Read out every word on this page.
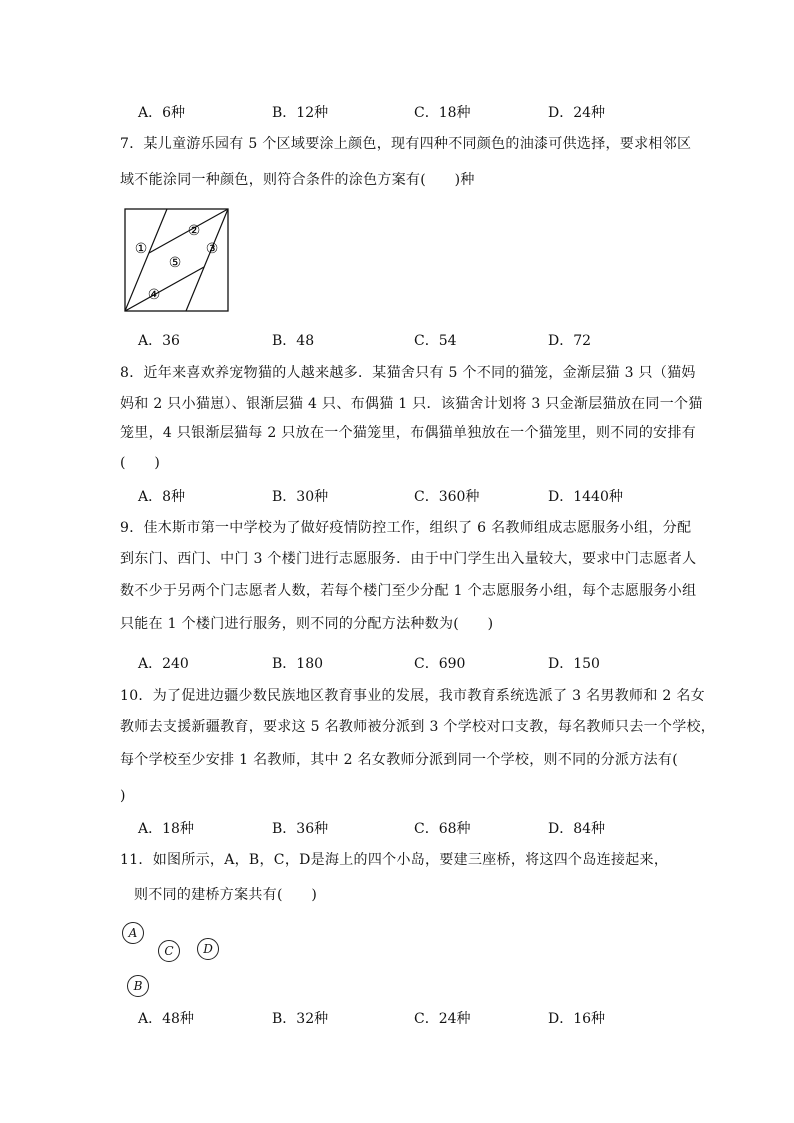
A．6种	B．12种	C．18种	D．24种
7．某儿童游乐园有 5 个区域要涂上颜色，现有四种不同颜色的油漆可供选择，要求相邻区
域不能涂同一种颜色，则符合条件的涂色方案有(　　)种
①
②
③
④
⑤
A．36	B．48	C．54	D．72
8．近年来喜欢养宠物猫的人越来越多．某猫舍只有 5 个不同的猫笼，金渐层猫 3 只（猫妈
妈和 2 只小猫崽）、银渐层猫 4 只、布偶猫 1 只．该猫舍计划将 3 只金渐层猫放在同一个猫
笼里，4 只银渐层猫每 2 只放在一个猫笼里，布偶猫单独放在一个猫笼里，则不同的安排有
(　　)
A．8种	B．30种	C．360种	D．1440种
9．佳木斯市第一中学校为了做好疫情防控工作，组织了 6 名教师组成志愿服务小组，分配
到东门、西门、中门 3 个楼门进行志愿服务．由于中门学生出入量较大，要求中门志愿者人
数不少于另两个门志愿者人数，若每个楼门至少分配 1 个志愿服务小组，每个志愿服务小组
只能在 1 个楼门进行服务，则不同的分配方法种数为(　　)
A．240	B．180	C．690	D．150
10．为了促进边疆少数民族地区教育事业的发展，我市教育系统选派了 3 名男教师和 2 名女
教师去支援新疆教育，要求这 5 名教师被分派到 3 个学校对口支教，每名教师只去一个学校，
每个学校至少安排 1 名教师，其中 2 名女教师分派到同一个学校，则不同的分派方法有(
)
A．18种	B．36种	C．68种	D．84种
11．如图所示，A，B，C，D是海上的四个小岛，要建三座桥，将这四个岛连接起来，
则不同的建桥方案共有(　　)
A
C	D
B
A．48种	B．32种	C．24种	D．16种
